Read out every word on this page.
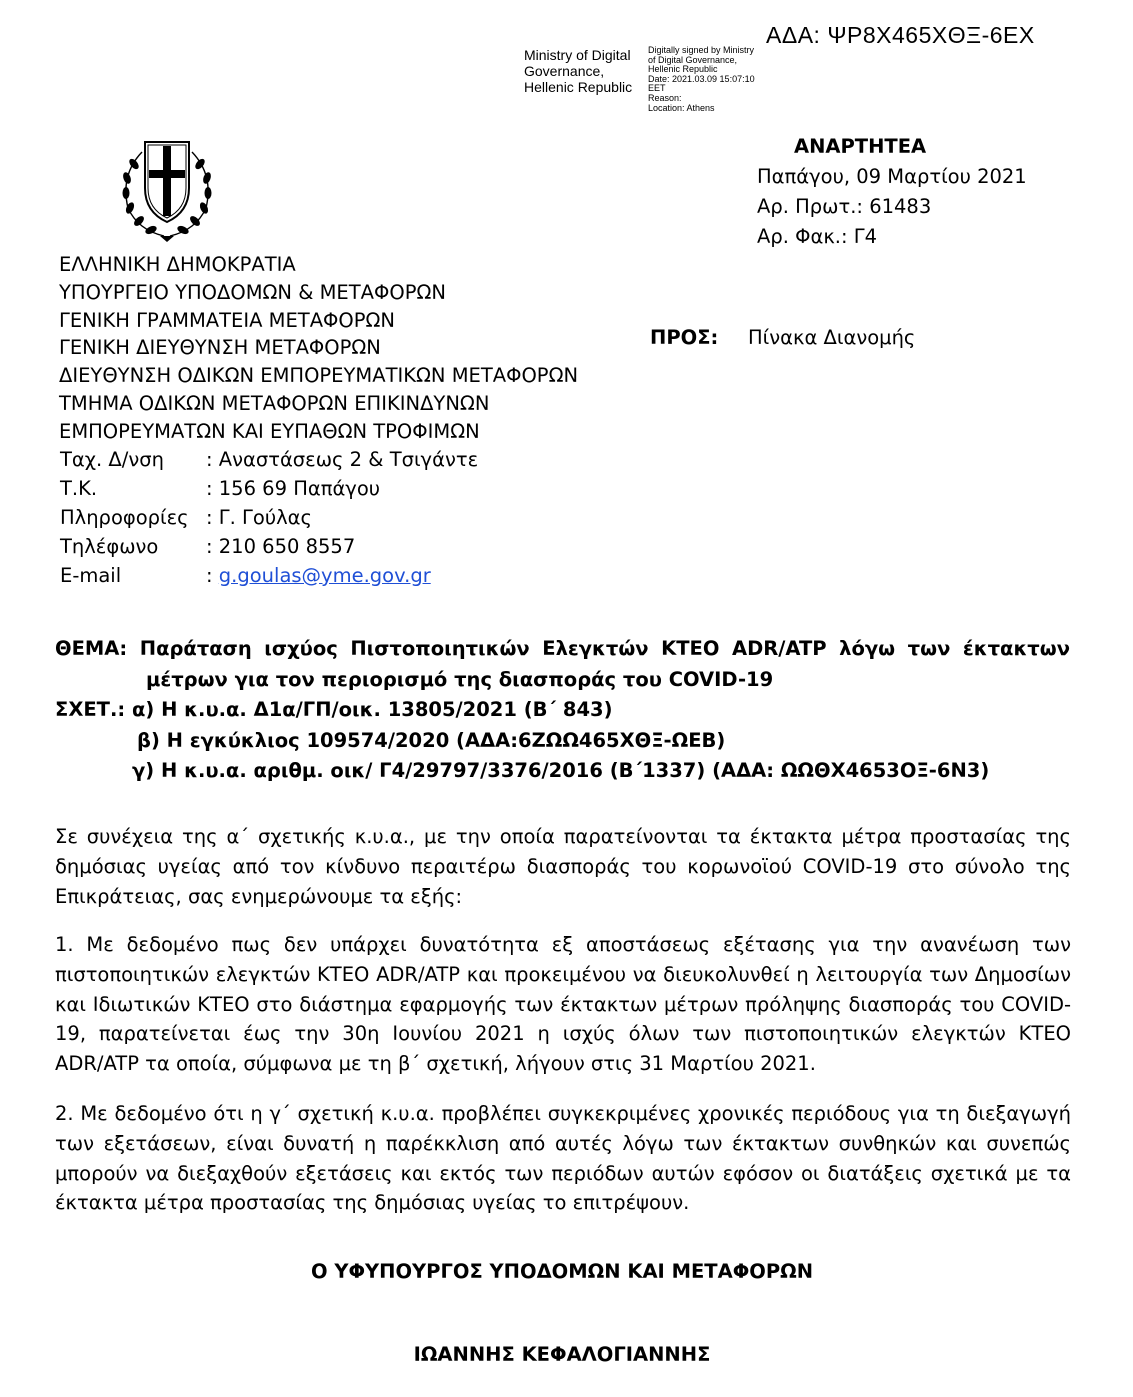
ΑΔΑ: ΨΡ8Χ465ΧΘΞ-6ΕΧ
Ministry of Digital
Governance,
Hellenic Republic
Digitally signed by Ministry
of Digital Governance,
Hellenic Republic
Date: 2021.03.09 15:07:10
EET
Reason:
Location: Athens
ΑΝΑΡΤΗΤΕΑ
Παπάγου, 09 Μαρτίου 2021
Αρ. Πρωτ.: 61483
Αρ. Φακ.: Γ4
ΕΛΛΗΝΙΚΗ ΔΗΜΟΚΡΑΤΙΑ
ΥΠΟΥΡΓΕΙΟ ΥΠΟΔΟΜΩΝ & ΜΕΤΑΦΟΡΩΝ
ΓΕΝΙΚΗ ΓΡΑΜΜΑΤΕΙΑ ΜΕΤΑΦΟΡΩΝ
ΓΕΝΙΚΗ ΔΙΕΥΘΥΝΣΗ ΜΕΤΑΦΟΡΩΝ
ΔΙΕΥΘΥΝΣΗ ΟΔΙΚΩΝ ΕΜΠΟΡΕΥΜΑΤΙΚΩΝ ΜΕΤΑΦΟΡΩΝ
ΤΜΗΜΑ ΟΔΙΚΩΝ ΜΕΤΑΦΟΡΩΝ ΕΠΙΚΙΝΔΥΝΩΝ
ΕΜΠΟΡΕΥΜΑΤΩΝ ΚΑΙ ΕΥΠΑΘΩΝ ΤΡΟΦΙΜΩΝ
Ταχ. Δ/νση	: Αναστάσεως 2 & Τσιγάντε
Τ.Κ.	: 156 69 Παπάγου
Πληροφορίες : Γ. Γούλας
Τηλέφωνο	: 210 650 8557
E-mail	: g.goulas@yme.gov.gr
ΠΡΟΣ: Πίνακα Διανομής
ΘΕΜΑ: Παράταση ισχύος Πιστοποιητικών Ελεγκτών ΚΤΕΟ ADR/ATP λόγω των έκτακτων
μέτρων για τον περιορισμό της διασποράς του COVID-19
ΣΧΕΤ.: α) Η κ.υ.α. Δ1α/ΓΠ/οικ. 13805/2021 (Β΄ 843)
β) Η εγκύκλιος 109574/2020 (ΑΔΑ:6ΖΩΩ465ΧΘΞ-ΩΕΒ)
γ) Η κ.υ.α. αριθμ. οικ/ Γ4/29797/3376/2016 (Β΄1337) (ΑΔΑ: ΩΩΘΧ4653ΟΞ-6Ν3)
Σε συνέχεια της α΄ σχετικής κ.υ.α., με την οποία παρατείνονται τα έκτακτα μέτρα προστασίας της δημόσιας υγείας από τον κίνδυνο περαιτέρω διασποράς του κορωνοϊού COVID-19 στο σύνολο της Επικράτειας, σας ενημερώνουμε τα εξής:
1. Με δεδομένο πως δεν υπάρχει δυνατότητα εξ αποστάσεως εξέτασης για την ανανέωση των πιστοποιητικών ελεγκτών ΚΤΕΟ ADR/ATP και προκειμένου να διευκολυνθεί η λειτουργία των Δημοσίων και Ιδιωτικών ΚΤΕΟ στο διάστημα εφαρμογής των έκτακτων μέτρων πρόληψης διασποράς του COVID-19, παρατείνεται έως την 30η Ιουνίου 2021 η ισχύς όλων των πιστοποιητικών ελεγκτών ΚΤΕΟ ADR/ATP τα οποία, σύμφωνα με τη β΄ σχετική, λήγουν στις 31 Μαρτίου 2021.
2. Με δεδομένο ότι η γ΄ σχετική κ.υ.α. προβλέπει συγκεκριμένες χρονικές περιόδους για τη διεξαγωγή των εξετάσεων, είναι δυνατή η παρέκκλιση από αυτές λόγω των έκτακτων συνθηκών και συνεπώς μπορούν να διεξαχθούν εξετάσεις και εκτός των περιόδων αυτών εφόσον οι διατάξεις σχετικά με τα έκτακτα μέτρα προστασίας της δημόσιας υγείας το επιτρέψουν.
Ο ΥΦΥΠΟΥΡΓΟΣ ΥΠΟΔΟΜΩΝ ΚΑΙ ΜΕΤΑΦΟΡΩΝ
ΙΩΑΝΝΗΣ ΚΕΦΑΛΟΓΙΑΝΝΗΣ
